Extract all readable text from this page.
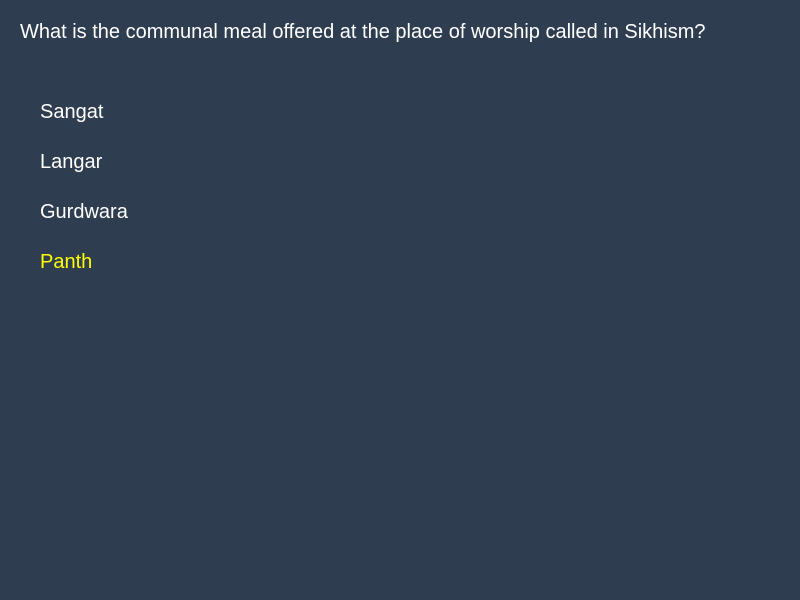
What is the communal meal offered at the place of worship called in Sikhism?
Sangat
Langar
Gurdwara
Panth
